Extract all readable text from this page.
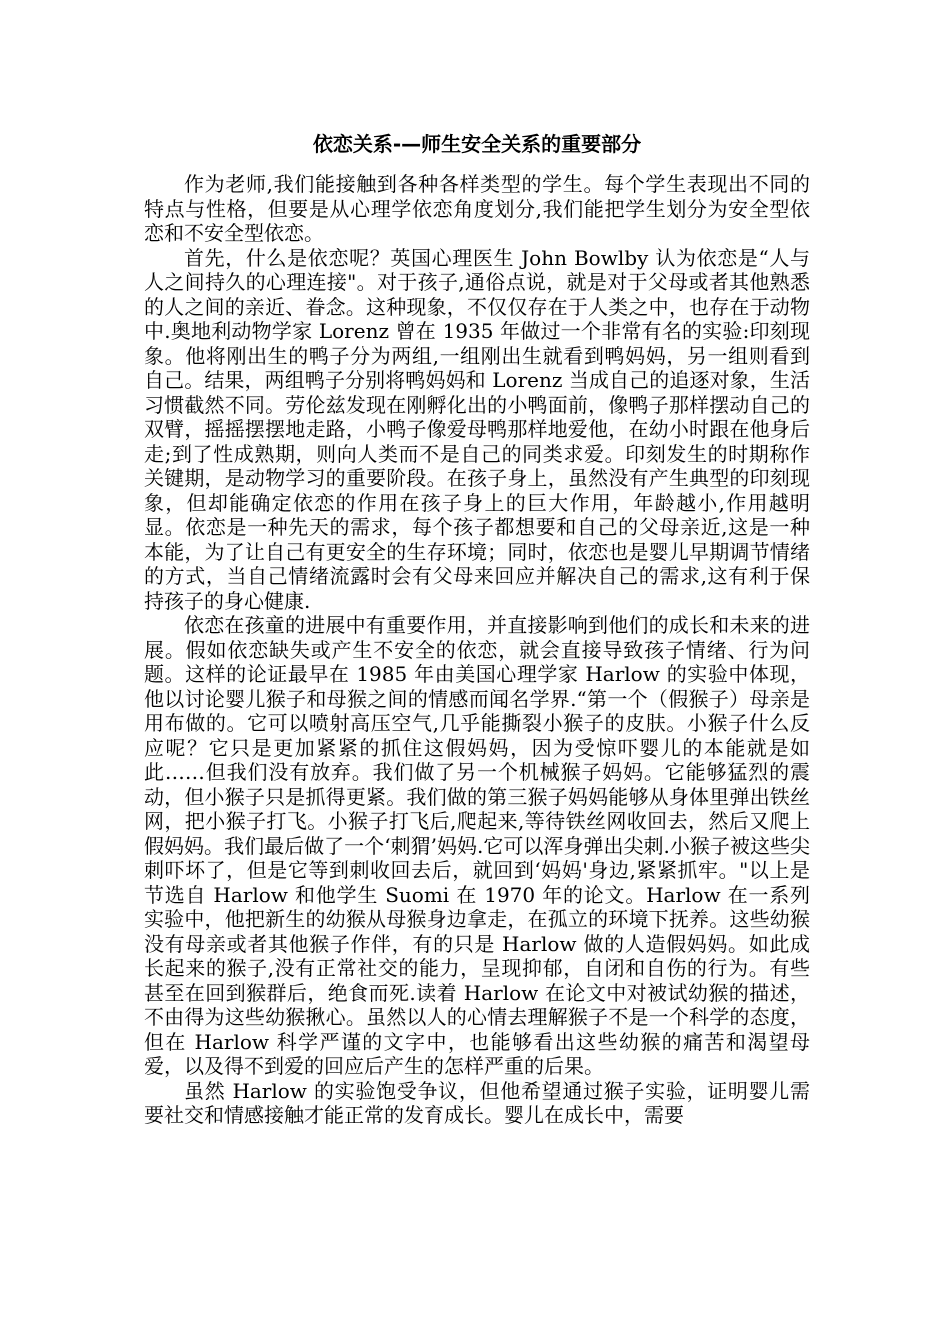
依恋关系-—师生安全关系的重要部分

作为老师,我们能接触到各种各样类型的学生。每个学生表现出不同的特点与性格，但要是从心理学依恋角度划分,我们能把学生划分为安全型依恋和不安全型依恋。

首先，什么是依恋呢？英国心理医生 John Bowlby 认为依恋是“人与人之间持久的心理连接"。对于孩子,通俗点说，就是对于父母或者其他熟悉的人之间的亲近、眷念。这种现象，不仅仅存在于人类之中，也存在于动物中.奥地利动物学家 Lorenz 曾在 1935 年做过一个非常有名的实验:印刻现象。他将刚出生的鸭子分为两组,一组刚出生就看到鸭妈妈，另一组则看到自己。结果，两组鸭子分别将鸭妈妈和 Lorenz 当成自己的追逐对象，生活习惯截然不同。劳伦兹发现在刚孵化出的小鸭面前，像鸭子那样摆动自己的双臂，摇摇摆摆地走路，小鸭子像爱母鸭那样地爱他，在幼小时跟在他身后走;到了性成熟期，则向人类而不是自己的同类求爱。印刻发生的时期称作关键期，是动物学习的重要阶段。在孩子身上，虽然没有产生典型的印刻现象，但却能确定依恋的作用在孩子身上的巨大作用，年龄越小,作用越明显。依恋是一种先天的需求，每个孩子都想要和自己的父母亲近,这是一种本能，为了让自己有更安全的生存环境；同时，依恋也是婴儿早期调节情绪的方式，当自己情绪流露时会有父母来回应并解决自己的需求,这有利于保持孩子的身心健康.

依恋在孩童的进展中有重要作用，并直接影响到他们的成长和未来的进展。假如依恋缺失或产生不安全的依恋，就会直接导致孩子情绪、行为问题。这样的论证最早在 1985 年由美国心理学家 Harlow 的实验中体现，他以讨论婴儿猴子和母猴之间的情感而闻名学界.“第一个（假猴子）母亲是用布做的。它可以喷射高压空气,几乎能撕裂小猴子的皮肤。小猴子什么反应呢？它只是更加紧紧的抓住这假妈妈，因为受惊吓婴儿的本能就是如此……但我们没有放弃。我们做了另一个机械猴子妈妈。它能够猛烈的震动，但小猴子只是抓得更紧。我们做的第三猴子妈妈能够从身体里弹出铁丝网，把小猴子打飞。小猴子打飞后,爬起来,等待铁丝网收回去，然后又爬上假妈妈。我们最后做了一个‘刺猬’妈妈.它可以浑身弹出尖刺.小猴子被这些尖刺吓坏了，但是它等到刺收回去后，就回到‘妈妈'身边,紧紧抓牢。"以上是节选自 Harlow 和他学生 Suomi 在 1970 年的论文。Harlow 在一系列实验中，他把新生的幼猴从母猴身边拿走，在孤立的环境下抚养。这些幼猴没有母亲或者其他猴子作伴，有的只是 Harlow 做的人造假妈妈。如此成长起来的猴子,没有正常社交的能力，呈现抑郁，自闭和自伤的行为。有些甚至在回到猴群后，绝食而死.读着 Harlow 在论文中对被试幼猴的描述，不由得为这些幼猴揪心。虽然以人的心情去理解猴子不是一个科学的态度，但在 Harlow 科学严谨的文字中，也能够看出这些幼猴的痛苦和渴望母爱，以及得不到爱的回应后产生的怎样严重的后果。

虽然 Harlow 的实验饱受争议，但他希望通过猴子实验，证明婴儿需要社交和情感接触才能正常的发育成长。婴儿在成长中，需要
